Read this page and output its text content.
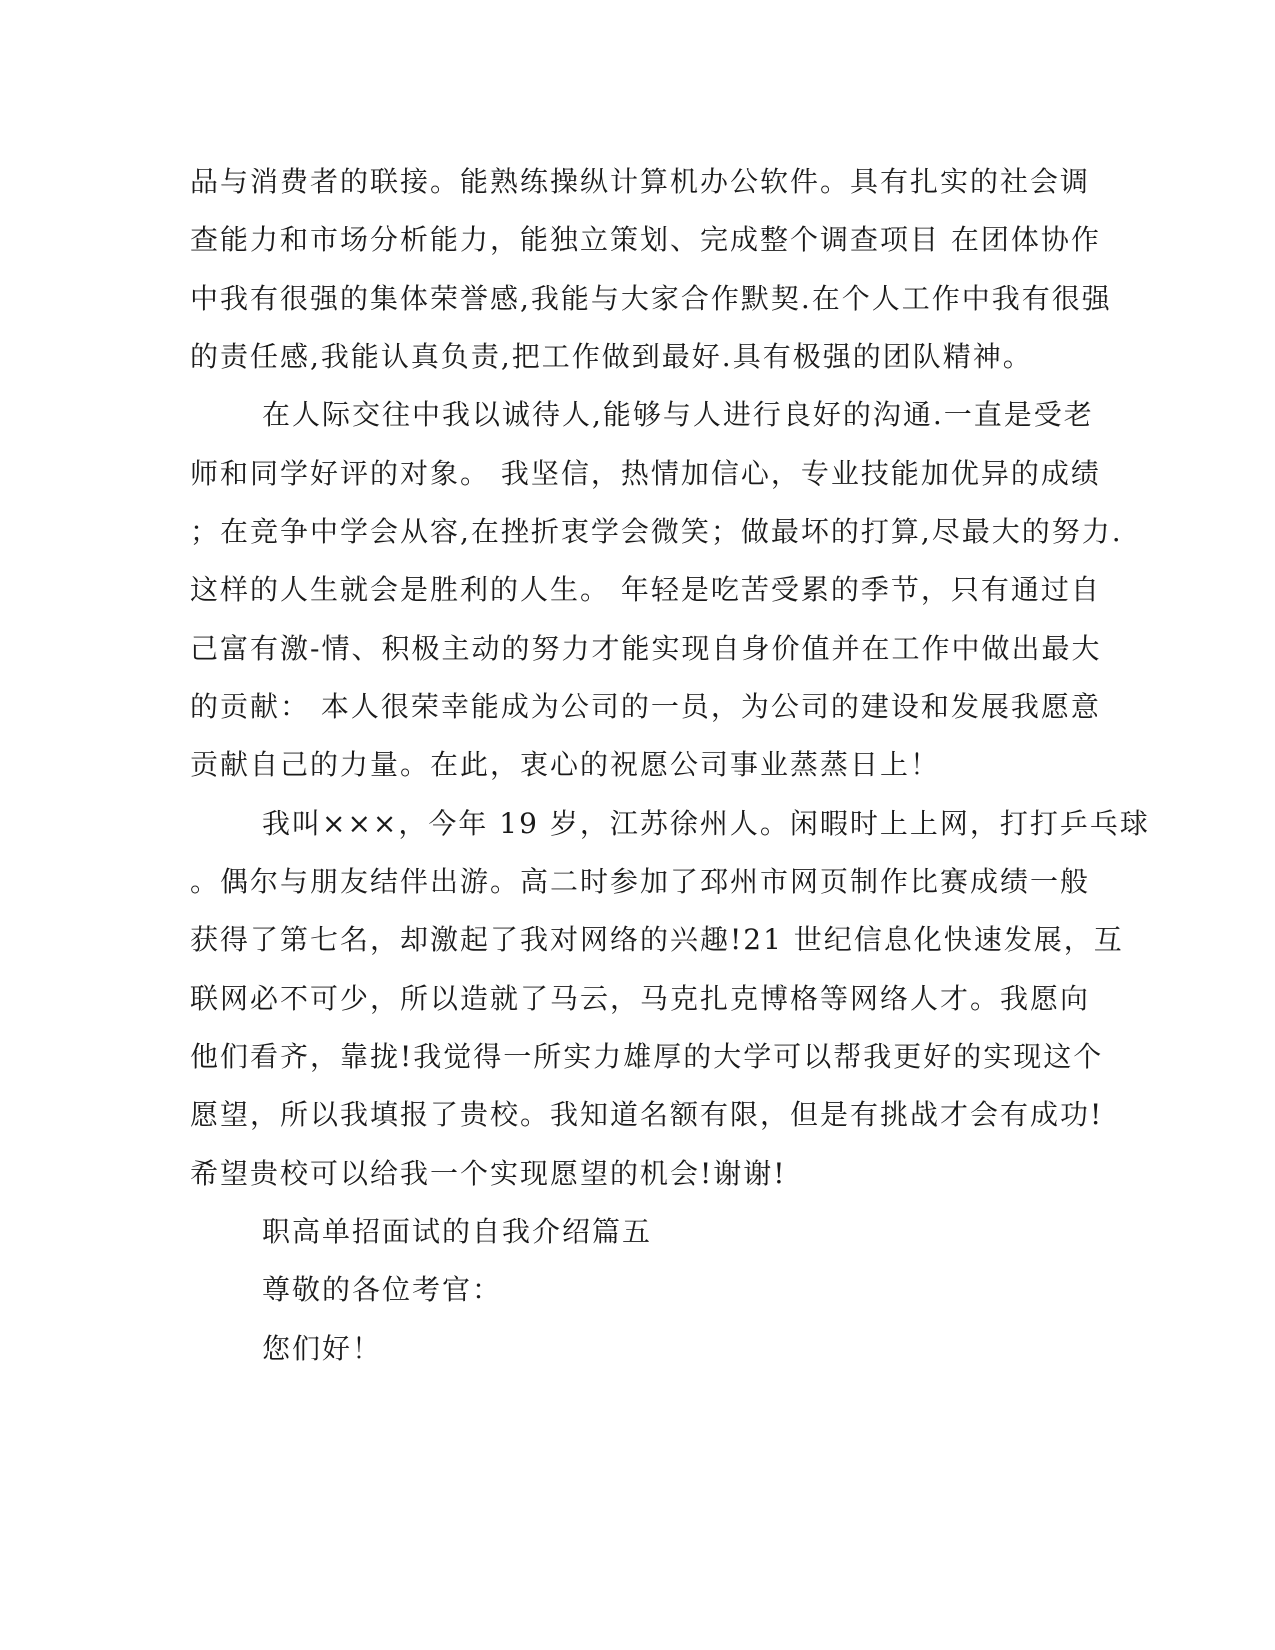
品与消费者的联接。能熟练操纵计算机办公软件。具有扎实的社会调
查能力和市场分析能力，能独立策划、完成整个调查项目 在团体协作
中我有很强的集体荣誉感,我能与大家合作默契.在个人工作中我有很强
的责任感,我能认真负责,把工作做到最好.具有极强的团队精神。
在人际交往中我以诚待人,能够与人进行良好的沟通.一直是受老
师和同学好评的对象。 我坚信，热情加信心，专业技能加优异的成绩
；在竞争中学会从容,在挫折衷学会微笑；做最坏的打算,尽最大的努力.
这样的人生就会是胜利的人生。 年轻是吃苦受累的季节，只有通过自
己富有激-情、积极主动的努力才能实现自身价值并在工作中做出最大
的贡献： 本人很荣幸能成为公司的一员，为公司的建设和发展我愿意
贡献自己的力量。在此，衷心的祝愿公司事业蒸蒸日上！
我叫×××，今年 19 岁，江苏徐州人。闲暇时上上网，打打乒乓球
。偶尔与朋友结伴出游。高二时参加了邳州市网页制作比赛成绩一般
获得了第七名，却激起了我对网络的兴趣!21 世纪信息化快速发展，互
联网必不可少，所以造就了马云，马克扎克博格等网络人才。我愿向
他们看齐，靠拢!我觉得一所实力雄厚的大学可以帮我更好的实现这个
愿望，所以我填报了贵校。我知道名额有限，但是有挑战才会有成功!
希望贵校可以给我一个实现愿望的机会!谢谢!
职高单招面试的自我介绍篇五
尊敬的各位考官：
您们好！
